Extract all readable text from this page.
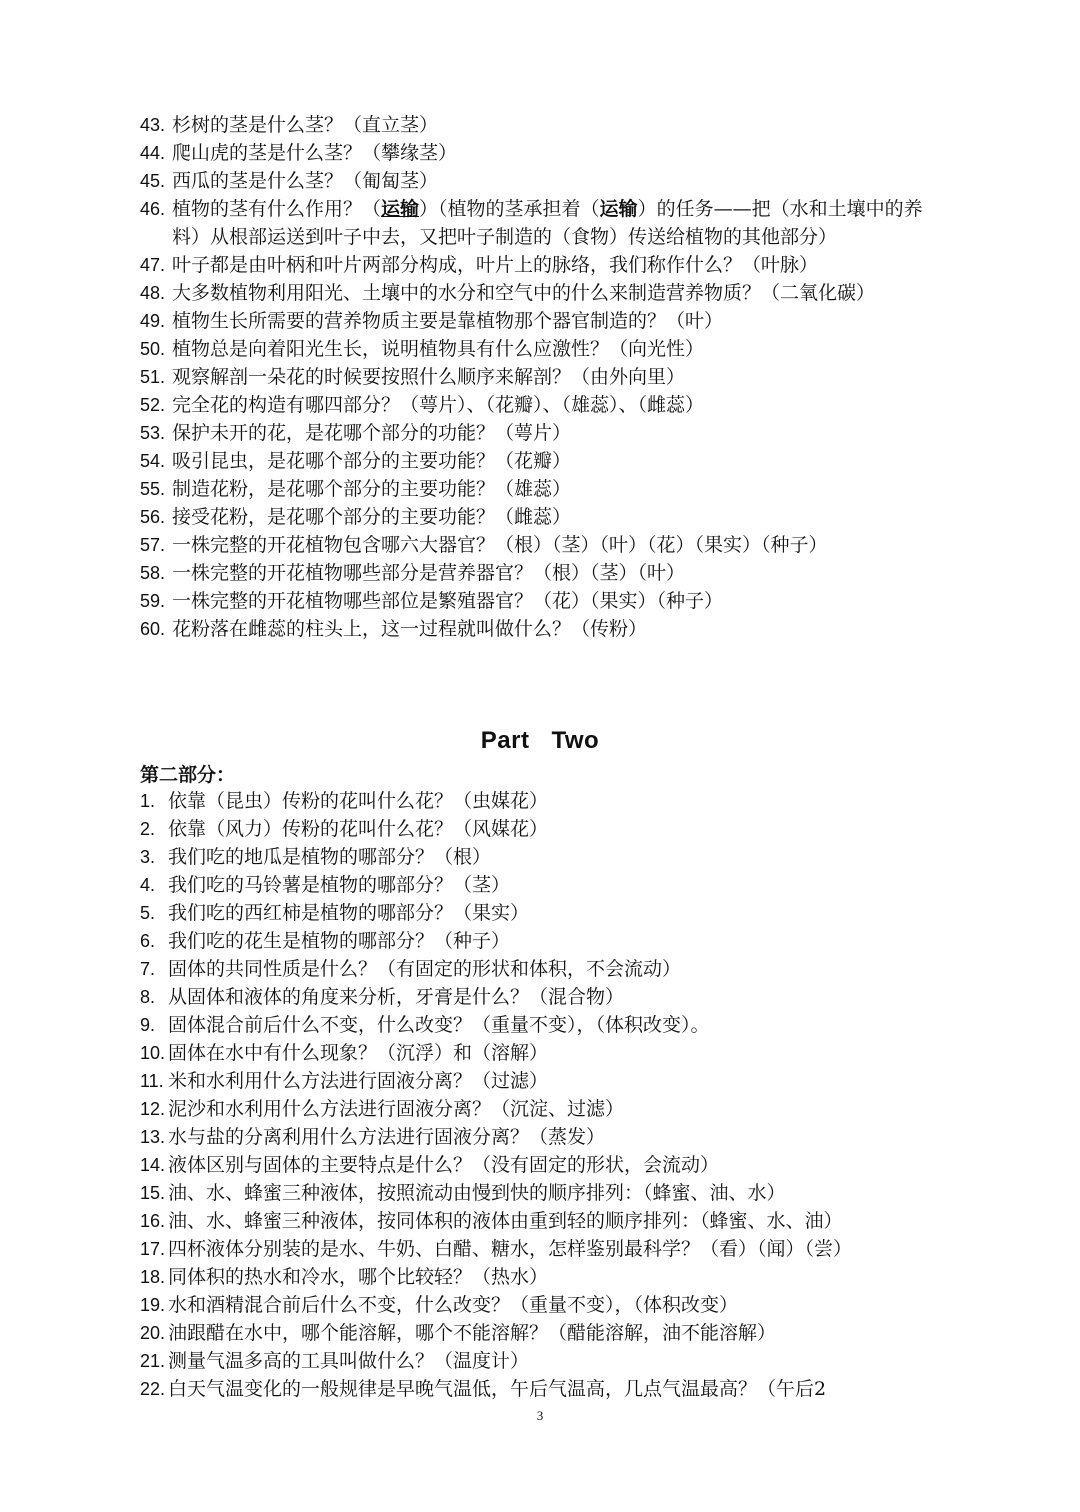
43. 杉树的茎是什么茎？（直立茎）
44. 爬山虎的茎是什么茎？（攀缘茎）
45. 西瓜的茎是什么茎？（匍匐茎）
46. 植物的茎有什么作用？（运输）（植物的茎承担着（运输）的任务——把（水和土壤中的养料）从根部运送到叶子中去，又把叶子制造的（食物）传送给植物的其他部分）
47. 叶子都是由叶柄和叶片两部分构成，叶片上的脉络，我们称作什么？（叶脉）
48. 大多数植物利用阳光、土壤中的水分和空气中的什么来制造营养物质？（二氧化碳）
49. 植物生长所需要的营养物质主要是靠植物那个器官制造的？（叶）
50. 植物总是向着阳光生长，说明植物具有什么应激性？（向光性）
51. 观察解剖一朵花的时候要按照什么顺序来解剖？（由外向里）
52. 完全花的构造有哪四部分？（萼片）、（花瓣）、（雄蕊）、（雌蕊）
53. 保护未开的花，是花哪个部分的功能？（萼片）
54. 吸引昆虫，是花哪个部分的主要功能？（花瓣）
55. 制造花粉，是花哪个部分的主要功能？（雄蕊）
56. 接受花粉，是花哪个部分的主要功能？（雌蕊）
57. 一株完整的开花植物包含哪六大器官？（根）（茎）（叶）（花）（果实）（种子）
58. 一株完整的开花植物哪些部分是营养器官？（根）（茎）（叶）
59. 一株完整的开花植物哪些部位是繁殖器官？（花）（果实）（种子）
60. 花粉落在雌蕊的柱头上，这一过程就叫做什么？（传粉）
Part Two
第二部分：
1. 依靠（昆虫）传粉的花叫什么花？（虫媒花）
2. 依靠（风力）传粉的花叫什么花？（风媒花）
3. 我们吃的地瓜是植物的哪部分？（根）
4. 我们吃的马铃薯是植物的哪部分？（茎）
5. 我们吃的西红柿是植物的哪部分？（果实）
6. 我们吃的花生是植物的哪部分？（种子）
7. 固体的共同性质是什么？（有固定的形状和体积，不会流动）
8. 从固体和液体的角度来分析，牙膏是什么？（混合物）
9. 固体混合前后什么不变，什么改变？（重量不变），（体积改变）。
10. 固体在水中有什么现象？（沉浮）和（溶解）
11. 米和水利用什么方法进行固液分离？（过滤）
12. 泥沙和水利用什么方法进行固液分离？（沉淀、过滤）
13. 水与盐的分离利用什么方法进行固液分离？（蒸发）
14. 液体区别与固体的主要特点是什么？（没有固定的形状，会流动）
15. 油、水、蜂蜜三种液体，按照流动由慢到快的顺序排列：（蜂蜜、油、水）
16. 油、水、蜂蜜三种液体，按同体积的液体由重到轻的顺序排列：（蜂蜜、水、油）
17. 四杯液体分别装的是水、牛奶、白醋、糖水，怎样鉴别最科学？（看）（闻）（尝）
18. 同体积的热水和冷水，哪个比较轻？（热水）
19. 水和酒精混合前后什么不变，什么改变？（重量不变），（体积改变）
20. 油跟醋在水中，哪个能溶解，哪个不能溶解？（醋能溶解，油不能溶解）
21. 测量气温多高的工具叫做什么？（温度计）
22. 白天气温变化的一般规律是早晚气温低，午后气温高，几点气温最高？（午后2
3
